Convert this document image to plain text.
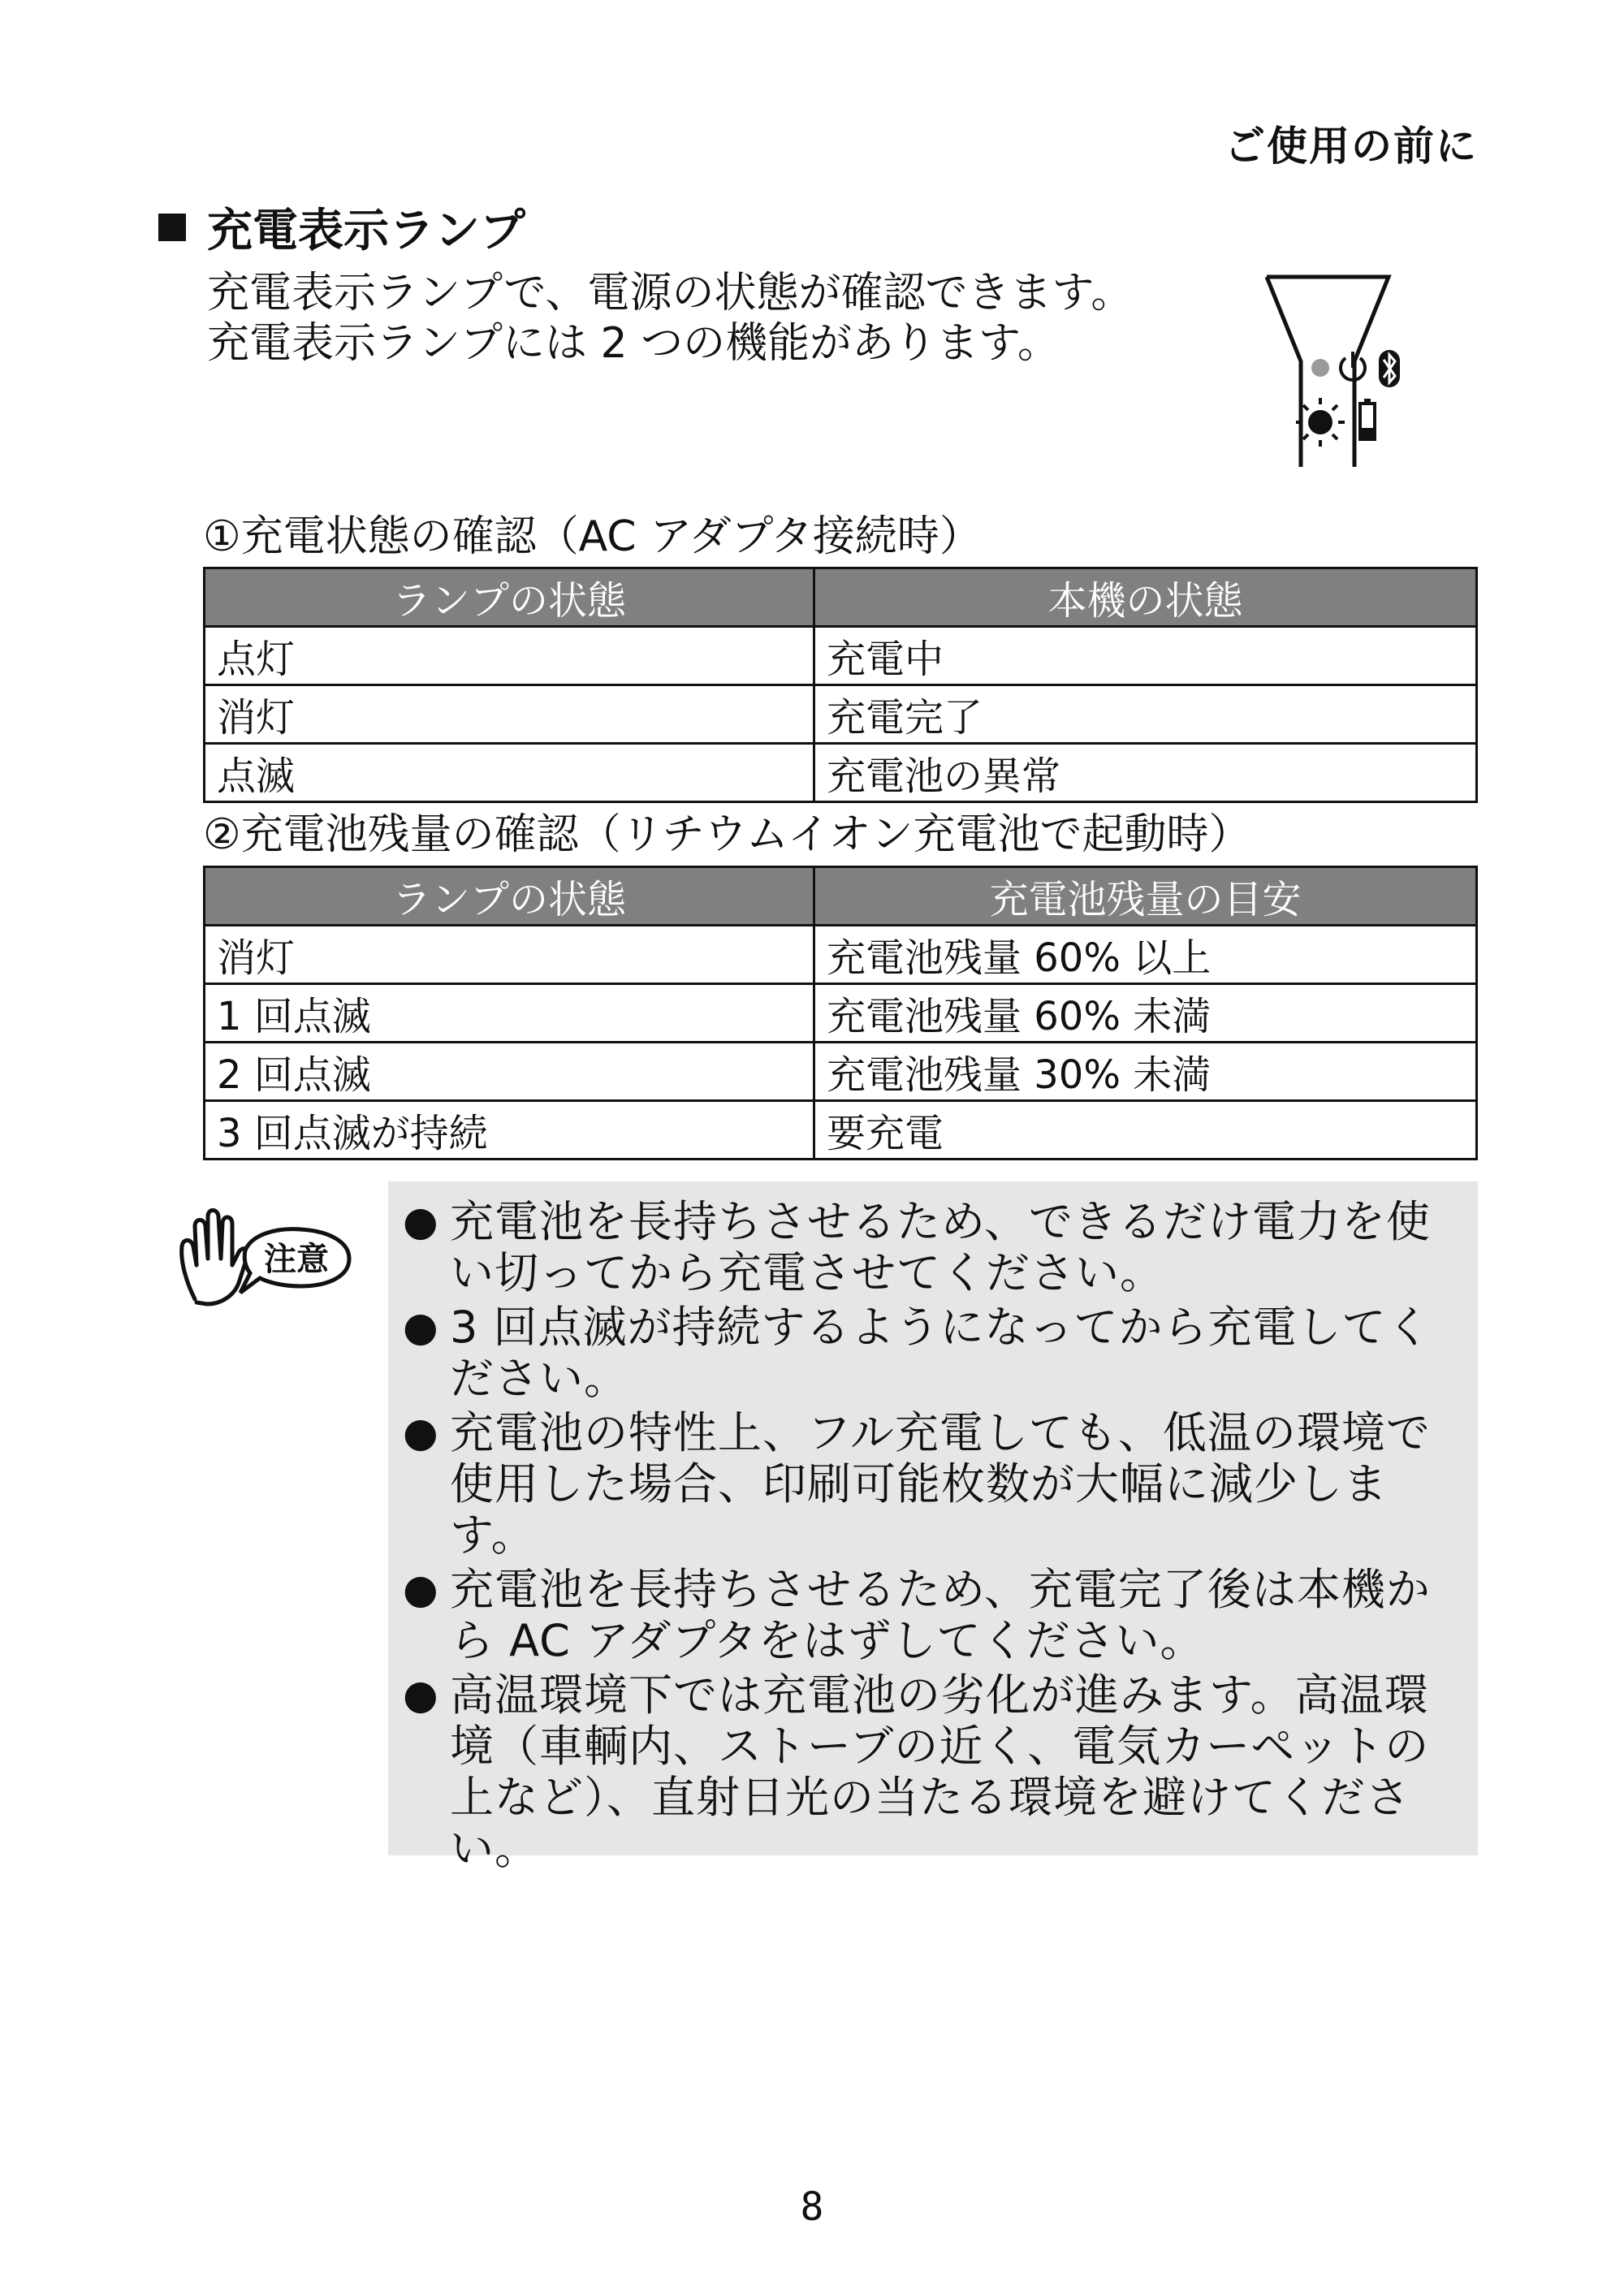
ご使用の前に
充電表示ランプ
充電表示ランプで、電源の状態が確認できます。
充電表示ランプには 2 つの機能があります。
①充電状態の確認（AC アダプタ接続時）
ランプの状態	本機の状態
点灯	充電中
消灯	充電完了
点滅	充電池の異常
②充電池残量の確認（リチウムイオン充電池で起動時）
ランプの状態	充電池残量の目安
消灯	充電池残量 60% 以上
1 回点滅	充電池残量 60% 未満
2 回点滅	充電池残量 30% 未満
3 回点滅が持続	要充電
注意
● 充電池を長持ちさせるため、できるだけ電力を使
い切ってから充電させてください。
● 3 回点滅が持続するようになってから充電してく
ださい。
● 充電池の特性上、フル充電しても、低温の環境で
使用した場合、印刷可能枚数が大幅に減少しま
す。
● 充電池を長持ちさせるため、充電完了後は本機か
ら AC アダプタをはずしてください。
● 高温環境下では充電池の劣化が進みます。高温環
境（車輌内、ストーブの近く、電気カーペットの
上など）、直射日光の当たる環境を避けてくださ
い。
8
